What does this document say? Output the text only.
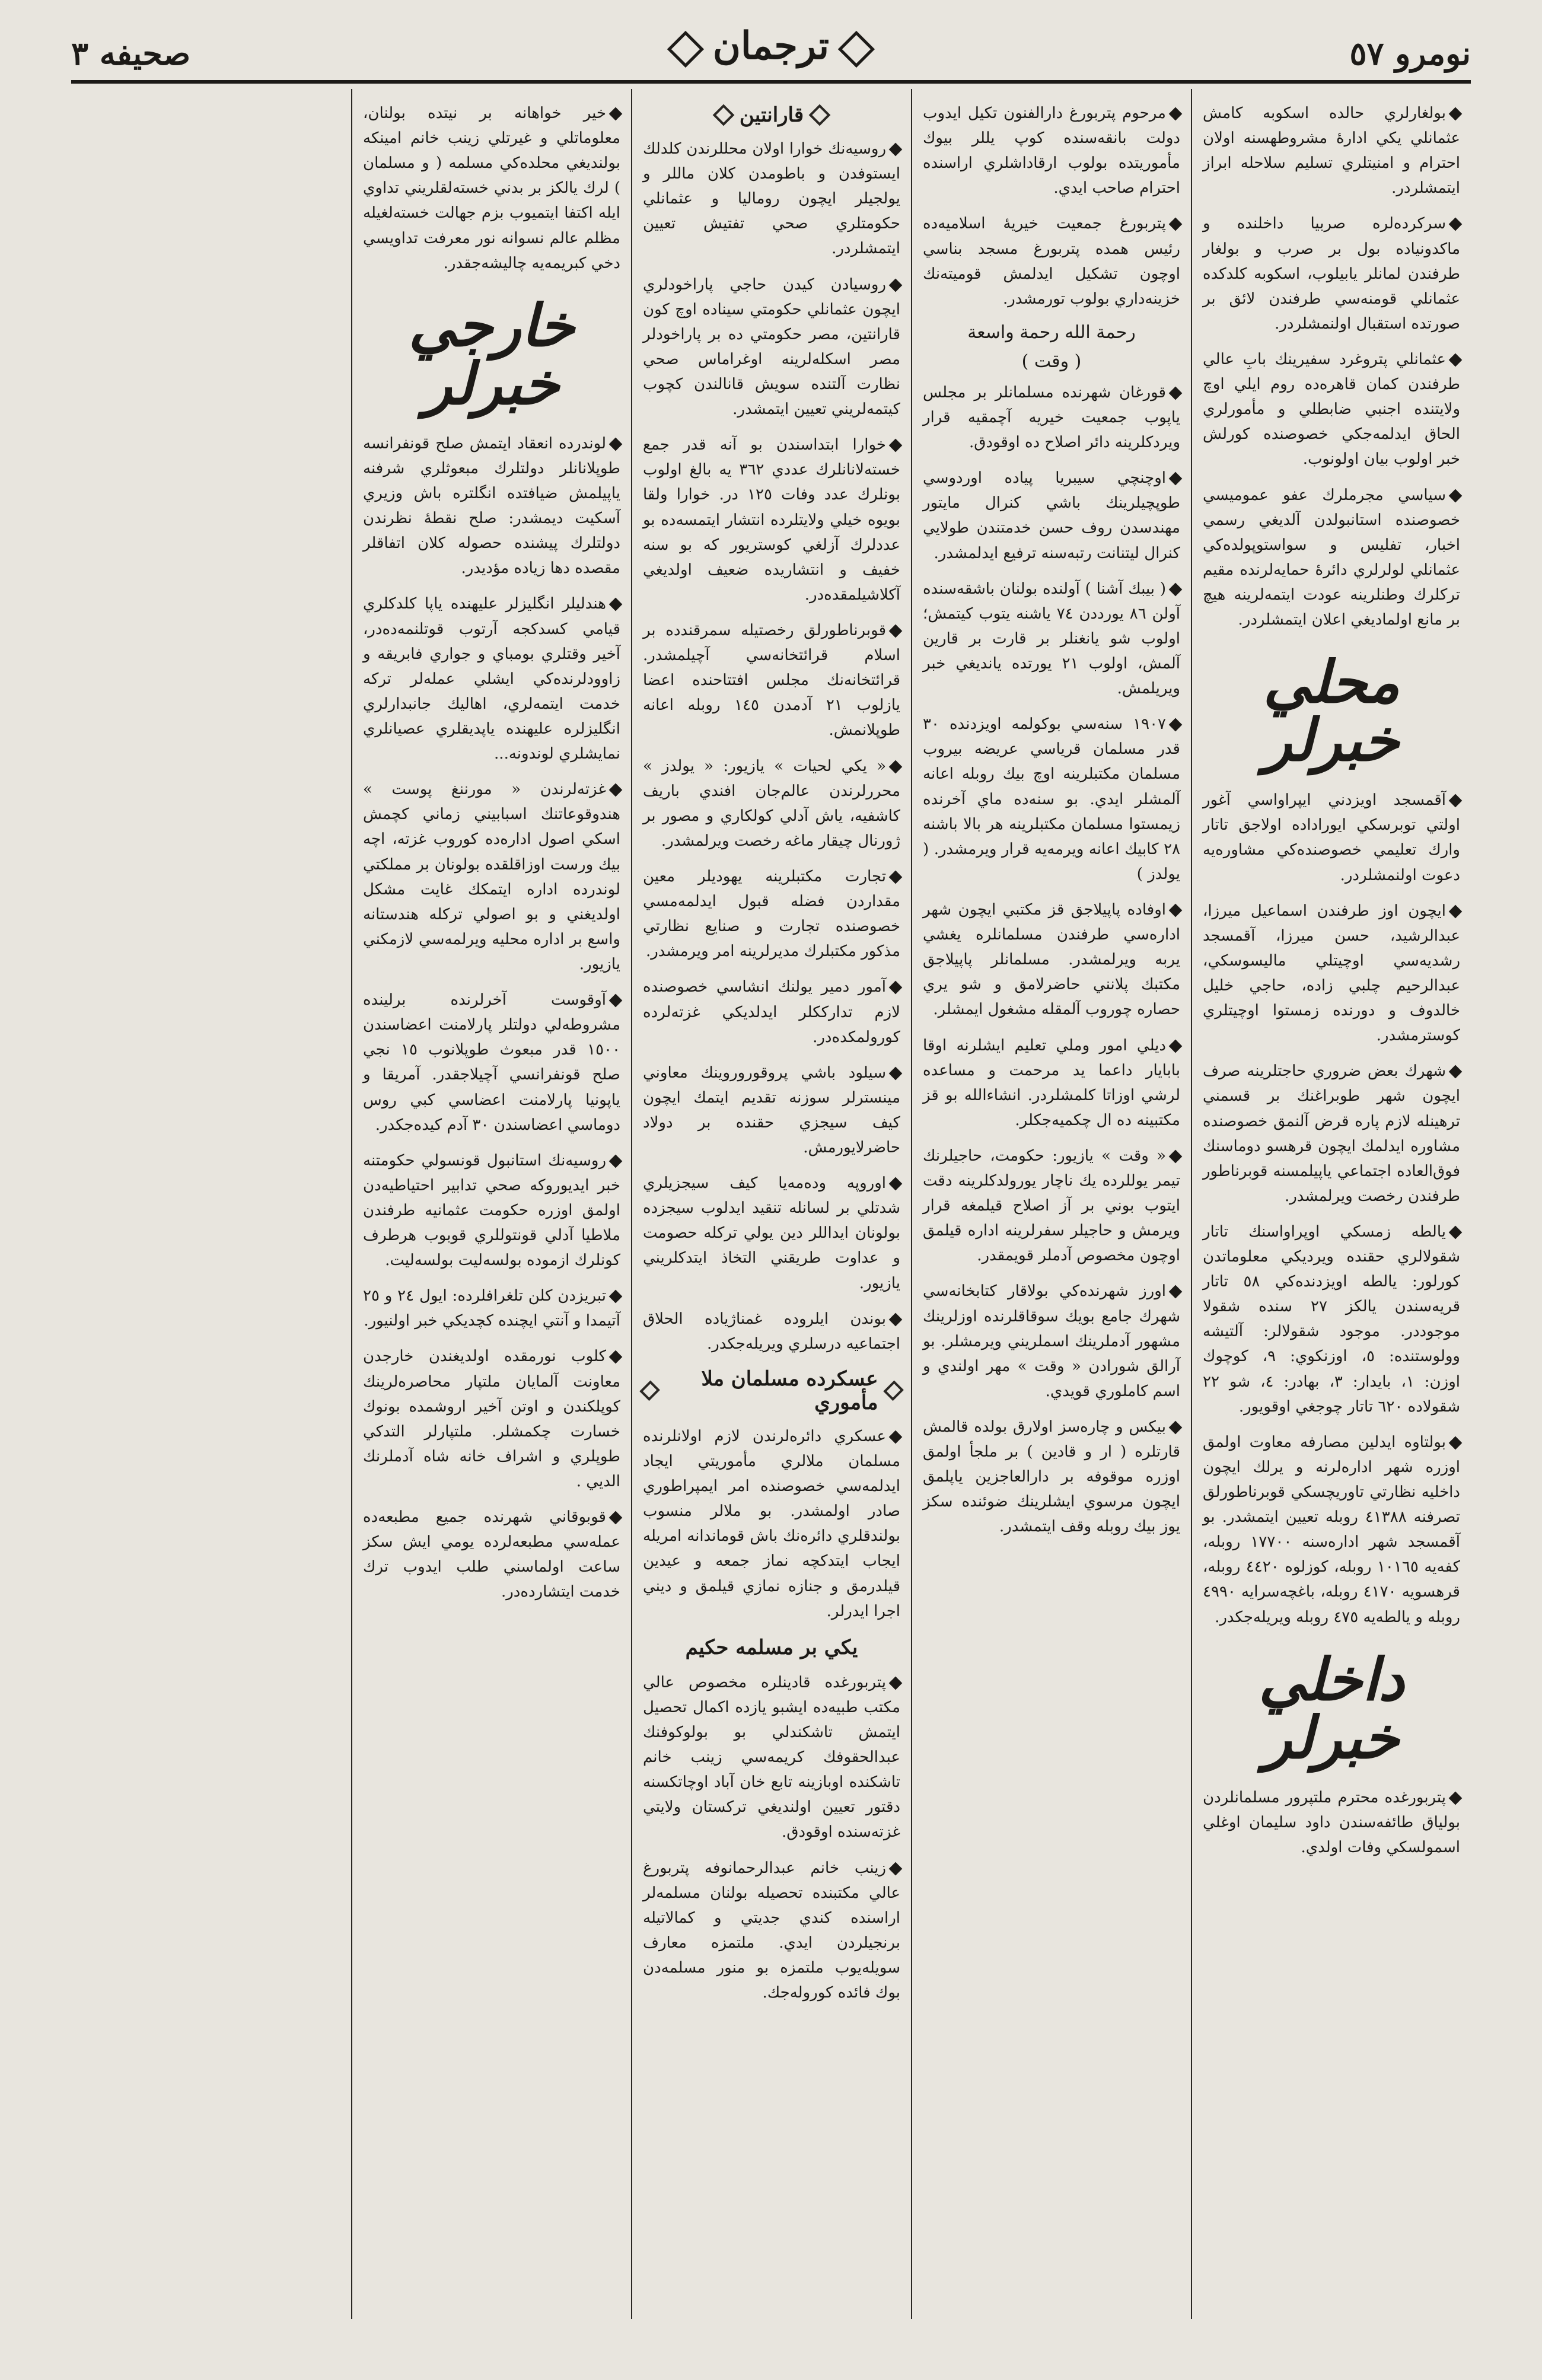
نومرو ٥٧
ترجمان
صحيفه ٣

بولغارلري حالده اسكوبه كامش عثمانلي يكي ادارهٔ مشروطهسنه اولان احترام و امنيتلري تسليم سلاحله ابراز ايتمشلردر.

سركرده‌لره صربيا داخلنده و ماكدونياده بول بر صرب و بولغار طرفندن لمانلر يابيلوب، اسكوبه كلدكده عثمانلي قومنه‌سي طرفندن لائق بر صورتده استقبال اولنمشلردر.

عثمانلي پتروغرد سفيرينك بابِ عالي طرفندن كمان قاهره‌ده روم ايلي اوچ ولايتنده اجنبي ضابطلي و مأمورلري الحاق ايدلمه‌جكي خصوصنده كورلش خبر اولوب بيان اولونوب.

سياسي مجرملرك عفو عموميسي خصوصنده استانبولدن آلديغي رسمي اخبار، تفليس و سواستوپولده‌كي عثمانلي لولرلري دائرهٔ حمايه‌لرنده مقيم تركلرك وطنلرينه عودت ايتمه‌لرينه هيچ بر مانع اولماديغي اعلان ايتمشلردر.

محلي خبرلر

آقمسجد اويزدني ايپراواسي آغور اولتي توبرسكي ايوراداده اولاجق تاتار وارك تعليمي خصوصنده‌كي مشاوره‌يه دعوت اولنمشلردر.

ايچون اوز طرفندن اسماعيل ميرزا، عبدالرشيد، حسن ميرزا، آقمسجد رشديه‌سي اوچيتلي ماليسوسكي، عبدالرحيم چلبي زاده، حاجي خليل خالدوف و دورنده زمستوا اوچيتلري كوسترمشدر.

شهرك بعض ضروري حاجتلرينه صرف ايچون شهر طوبراغنك بر قسمني ترهينله لازم پاره قرض آلنمق خصوصنده مشاوره ايدلمك ايچون قرهسو دوماسنك فوق‌العاده اجتماعي ياپيلمسنه قوبرناطور طرفندن رخصت ويرلمشدر.

يالطه زمسكي اوپراواسنك تاتار شقولالري حقنده ويرديكي معلوماتدن كورلور: يالطه اويزدنده‌كي ٥٨ تاتار قريه‌سندن يالكز ٢٧ سنده شقولا موجوددر. موجود شقولالر: آلتيشه وولوستنده: ٥، اوزنكوي: ٩، كوچوك اوزن: ١، بايدار: ٣، بهادر: ٤، شو ٢٢ شقولاده ٦٢٠ تاتار چوجغي اوقويور.

بولتاوه ايدلين مصارفه معاوت اولمق اوزره شهر اداره‌لرنه و يرلك ايچون داخليه نظارتي تاوريچسكي قوبرناطورلق تصرفنه ٤١٣٨٨ روبله تعيين ايتمشدر. بو آقمسجد شهر اداره‌سنه ١٧٧٠٠ روبله، كفه‌يه ١٠١٦٥ روبله، كوزلوه ٤٤٢٠ روبله، قرهسويه ٤١٧٠ روبله، باغچه‌سرايه ٤٩٩٠ روبله و يالطه‌يه ٤٧٥ روبله ويريله‌جكدر.

داخلي خبرلر

پتربورغده محترم ملتپرور مسلمانلردن بولياق طائفه‌سندن داود سليمان اوغلي اسمولسكي وفات اولدي.

مرحوم پتربورغ دارالفنون تكيل ايدوب دولت بانقه‌سنده كوپ يللر بيوك مأموريتده بولوب ارقاداشلري اراسنده احترام صاحب ايدي.

پتربورغ جمعيت خيريهٔ اسلاميه‌ده رئيس همده پتربورغ مسجد بناسي اوچون تشكيل ايدلمش قوميته‌نك خزينه‌داري بولوب تورمشدر.

رحمة الله رحمة واسعة
( وقت )

قورغان شهرنده مسلمانلر بر مجلس ياپوب جمعيت خيريه آچمقيه قرار ويردكلرينه دائر اصلاح ده اوقودق.

اوچنچي سيبريا پياده اوردوسي طوپچيلرينك باشي كنرال مايتور مهندسدن روف حسن خدمتندن طولايي كنرال ليتنانت رتبه‌سنه ترفيع ايدلمشدر.

( بيبك آشنا ) آولنده بولنان باشقه‌سنده آولن ٨٦ يورددن ٧٤ ياشنه يتوب كيتمش؛ اولوب شو يانغنلر بر قارت بر قارين آلمش، اولوب ٢١ يورتده يانديغي خبر ويريلمش.

١٩٠٧ سنه‌سي بوكولمه اويزدنده ٣٠ قدر مسلمان قرياسي عريضه بيروب مسلمان مكتبلرينه اوچ بيك روبله اعانه آلمشلر ايدي. بو سنه‌ده ماي آخرنده زيمستوا مسلمان مكتبلرينه هر بالا باشنه ٢٨ كابيك اعانه ويرمه‌يه قرار ويرمشدر. ( يولدز )

اوفاده پاپيلاجق قز مكتبي ايچون شهر اداره‌سي طرفندن مسلمانلره يغشي يربه ويرلمشدر. مسلمانلر پاپيلاجق مكتبك پلانني حاضرلامق و شو يري حصاره چوروب آلمقله مشغول ايمشلر.

ديلي امور وملي تعليم ايشلرنه اوقا بابايار داعما يد مرحمت و مساعده لرشي اوزاتا كلمشلردر. انشاءالله بو قز مكتبينه ده ال چكميه‌جكلر.

« وقت » يازيور: حكومت، حاجيلرنك تيمر يوللرده يك ناچار يورولدكلرينه دقت ايتوب بوني بر آز اصلاح قيلمغه قرار ويرمش و حاجيلر سفرلرينه اداره قيلمق اوچون مخصوص آدملر قويمقدر.

اورز شهرنده‌كي بولاقار كتابخانه‌سي شهرك جامع بويك سوقاقلرنده اوزلرينك مشهور آدملرينك اسملريني ويرمشلر. بو آرالق شورادن « وقت » مهر اولندي و اسم كاملوري قويدي.

بيكس و چاره‌سز اولارق بولده قالمش قارتلره ( ار و قادين ) بر ملجأ اولمق اوزره موقوفه بر دارالعاجزين ياپلمق ايچون مرسوي ايشلرينك ضوئنده سكز يوز بيك روبله وقف ايتمشدر.

قارانتين

روسيه‌نك خوارا اولان محللرندن كلدلك ايستوفدن و باطومدن كلان ماللر و يولجيلر ايچون روماليا و عثمانلي حكومتلري صحي تفتيش تعيين ايتمشلردر.

روسيادن كيدن حاجي پاراخودلري ايچون عثمانلي حكومتي سيناده اوچ كون قارانتين، مصر حكومتي ده بر پاراخودلر مصر اسكله‌لرينه اوغراماس صحي نظارت آلتنده سويش قانالندن كچوب كيتمه‌لريني تعيين ايتمشدر.

خوارا ابتداسندن بو آنه قدر جمع خسته‌لانانلرك عددي ٣٦٢ يه بالغ اولوب بونلرك عدد وفات ١٢٥ در. خوارا ولقا بويوه خيلي ولايتلرده انتشار ايتمسه‌ده بو عددلرك آزلغي كوستريور كه بو سنه خفيف و انتشاريده ضعيف اولديغي آكلاشيلمقده‌در.

قوبرناطورلق رخصتيله سمرقندده بر اسلام قرائتخانه‌سي آچيلمشدر. قرائتخانه‌نك مجلس افتتاحنده اعضا يازلوب ٢١ آدمدن ١٤٥ روبله اعانه طوپلانمش.

« يكي لحيات » يازيور: « يولدز » محررلرندن عالم‌جان افندي باريف كاشفيه، ياش آدلي كولكاري و مصور بر ژورنال چيقار ماغه رخصت ويرلمشدر.

تجارت مكتبلرينه يهوديلر معين مقداردن فضله قبول ايدلمه‌مسي خصوصنده تجارت و صنايع نظارتي مذكور مكتبلرك مديرلرينه امر ويرمشدر.

آمور دمير يولنك انشاسي خصوصنده لازم تدارككلر ايدلديكي غزته‌لرده كورولمكده‌در.

سيلود باشي پروقوروروينك معاوني مينسترلر سوزنه تقديم ايتمك ايچون كيف سيجزي حقنده بر دولاد حاضرلايورمش.

اوروپه وده‌مه‌يا كيف سيجزيلري شدتلي بر لسانله تنقيد ايدلوب سيجزده بولونان ايداللر دين يولي تركله حصومت و عداوت طريقني التخاذ ايتدكلريني يازيور.

بوندن ايلروده غمناژياده الحلاق اجتماعيه درسلري ويريله‌جكدر.

عسكرده مسلمان ملا مأموري

عسكري دائره‌لرندن لازم اولانلرنده مسلمان ملالري مأموريتي ايجاد ايدلمه‌سي خصوصنده امر ايمپراطوري صادر اولمشدر. بو ملالر منسوب بولندقلري دائره‌نك باش قوماندانه امريله ايجاب ايتدكچه نماز جمعه و عيدين قيلدرمق و جنازه نمازي قيلمق و ديني اجرا ايدرلر.

يكي بر مسلمه حكيم

پتربورغده قادينلره مخصوص عالي مكتب طبيه‌ده ايشبو يازده اكمال تحصيل ايتمش تاشكندلي بو بولوكوفنك عبدالحقوفك كريمه‌سي زينب خانم تاشكنده اوبازينه تابع خان آباد اوچاتكسنه دقتور تعيين اولنديغي تركستان ولايتي غزته‌سنده اوقودق.

زينب خانم عبدالرحمانوفه پتربورغ عالي مكتبنده تحصيله بولنان مسلمه‌لر اراسنده كندي جديتي و كمالاتيله برنجيلردن ايدي. ملتمزه معارف سويله‌يوب ملتمزه بو منور مسلمه‌دن بوك فائده كوروله‌جك.

خير خواهانه بر نيتده بولنان، معلوماتلي و غيرتلي زينب خانم امينكه بولنديغي محلده‌كي مسلمه ( و مسلمان ) لرك يالكز بر بدني خسته‌لقلريني تداوي ايله اكتفا ايتميوب بزم جهالت خسته‌لغيله مظلم عالم نسوانه نور معرفت تداويسي دخي كبريمه‌يه چاليشه‌جقدر.

خارجي خبرلر

لوندرده انعقاد ايتمش صلح قونفرانسه طوپلانانلر دولتلرك مبعوثلري شرفنه ياپيلمش ضيافتده انگلتره باش وزيري آسكيت ديمشدر: صلح نقطهٔ نظرندن دولتلرك پيشنده حصوله كلان اتفاقلر مقصده دها زياده مؤديدر.

هندليلر انگليزلر عليهنده ياپا كلدكلري قيامي كسدكجه آرتوب قوتلنمه‌ده‌در، آخير وقتلري بومباي و جواري فابريقه و زاوودلرنده‌كي ايشلي عمله‌لر تركه خدمت ايتمه‌لري، اهاليك جانبدارلري انگليزلره عليهنده ياپديقلري عصيانلري نمايشلري لوندونه...

غزته‌لرندن « مورننغ پوست » هندوقوعاتنك اسبابيني زماني كچمش اسكي اصول اداره‌ده كوروب غزته، اچه بيك ورست اوزاقلقده بولونان بر مملكتي لوندرده اداره ايتمكك غايت مشكل اولديغني و بو اصولي تركله هندستانه واسع بر اداره محليه ويرلمه‌سي لازمكني يازيور.

آوقوست آخرلرنده برلينده مشروطه‌لي دولتلر پارلامنت اعضاسندن ١٥٠٠ قدر مبعوث طوپلانوب ١٥ نجي صلح قونفرانسي آچيلاجقدر. آمريقا و ياپونيا پارلامنت اعضاسي كبي روس دوماسي اعضاسندن ٣٠ آدم كيده‌جكدر.

روسيه‌نك استانبول قونسولي حكومتنه خبر ايديوروكه صحي تدابير احتياطيه‌دن اولمق اوزره حكومت عثمانيه طرفندن ملاطيا آدلي قونتوللري قوبوب هرطرف كونلرك ازموده بولسه‌ليت بولسه‌ليت.

تبريزدن كلن تلغرافلرده: ايول ٢٤ و ٢٥ آتيمدا و آنتي ايچنده كچديكي خبر اولنيور.

كلوب نورمقده اولديغندن خارجدن معاونت آلمايان ملتپار محاصره‌لرينك كوپلكندن و اوتن آخير اروشمده بونوك خسارت چكمشلر. ملتپارلر التدكي طوپلري و اشراف خانه شاه آدملرنك الديي .

قوبوقاني شهرنده جميع مطبعه‌ده عمله‌سي مطبعه‌لرده يومي ايش سكز ساعت اولماسني طلب ايدوب ترك خدمت ايتشارده‌در.
